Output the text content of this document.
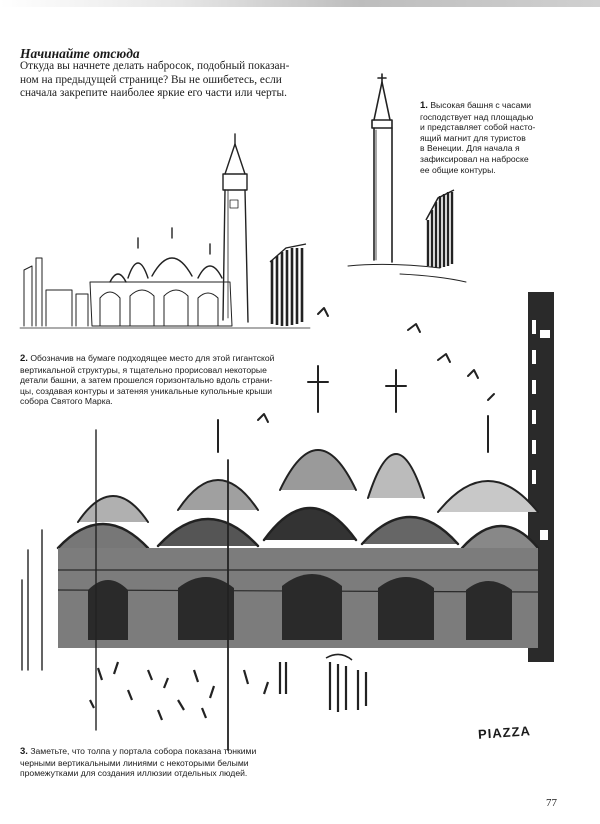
Начинайте отсюда
Откуда вы начнете делать набросок, подобный показан-
ном на предыдущей странице? Вы не ошибетесь, если
сначала закрепите наиболее яркие его части или черты.
1. Высокая башня с часами
господствует над площадью
и представляет собой насто-
ящий магнит для туристов
в Венеции. Для начала я
зафиксировал на наброске
ее общие контуры.
2. Обозначив на бумаге подходящее место для этой гигантской
вертикальной структуры, я тщательно прорисовал некоторые
детали башни, а затем прошелся горизонтально вдоль страни-
цы, создавая контуры и затеняя уникальные купольные крыши
собора Святого Марка.
PIAZZA
3. Заметьте, что толпа у портала собора показана тонкими
черными вертикальными линиями с некоторыми белыми
промежутками для создания иллюзии отдельных людей.
77
